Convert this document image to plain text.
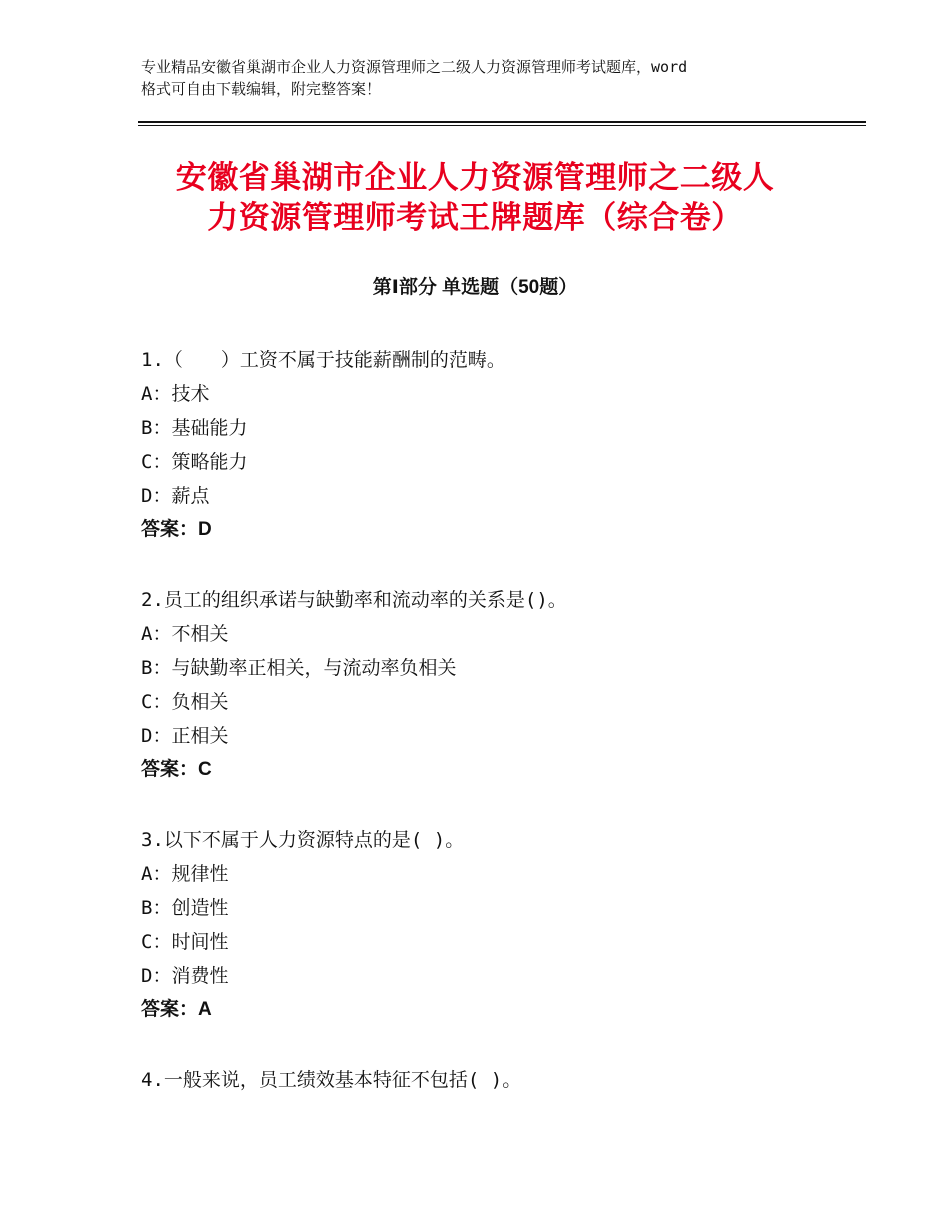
专业精品安徽省巢湖市企业人力资源管理师之二级人力资源管理师考试题库，word
格式可自由下载编辑，附完整答案！
安徽省巢湖市企业人力资源管理师之二级人
力资源管理师考试王牌题库（综合卷）
第Ⅰ部分 单选题（50题）
1.（　　）工资不属于技能薪酬制的范畴。
A：技术
B：基础能力
C：策略能力
D：薪点
答案：D
2.员工的组织承诺与缺勤率和流动率的关系是()。
A：不相关
B：与缺勤率正相关，与流动率负相关
C：负相关
D：正相关
答案：C
3.以下不属于人力资源特点的是( )。
A：规律性
B：创造性
C：时间性
D：消费性
答案：A
4.一般来说，员工绩效基本特征不包括( )。
